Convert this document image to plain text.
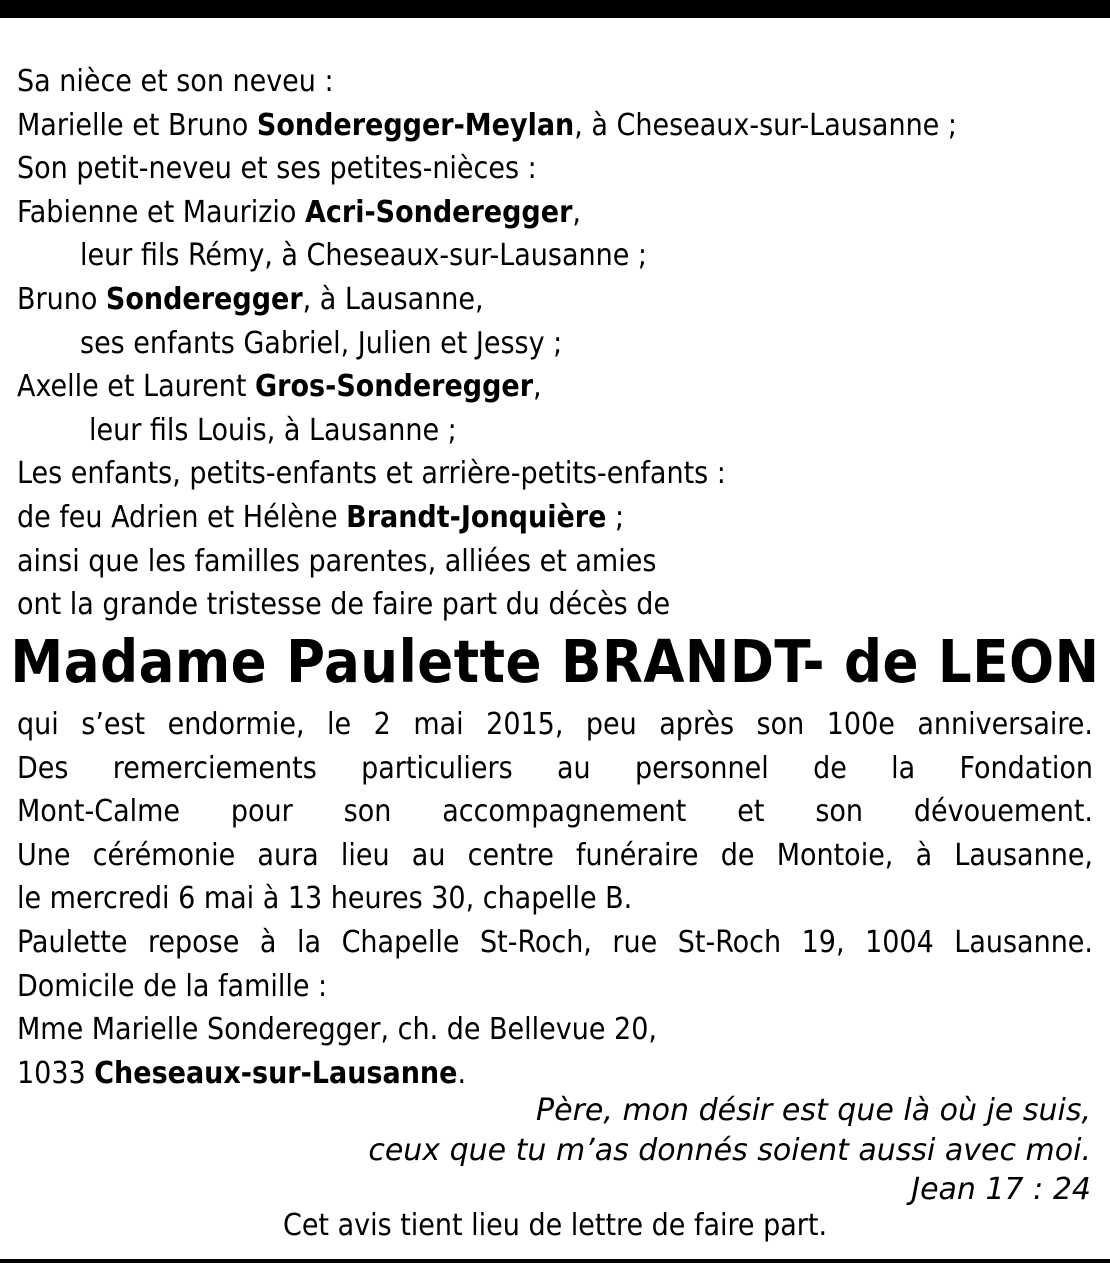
Sa nièce et son neveu :
Marielle et Bruno Sonderegger-Meylan, à Cheseaux-sur-Lausanne ;
Son petit-neveu et ses petites-nièces :
Fabienne et Maurizio Acri-Sonderegger,
leur fils Rémy, à Cheseaux-sur-Lausanne ;
Bruno Sonderegger, à Lausanne,
ses enfants Gabriel, Julien et Jessy ;
Axelle et Laurent Gros-Sonderegger,
leur fils Louis, à Lausanne ;
Les enfants, petits-enfants et arrière-petits-enfants :
de feu Adrien et Hélène Brandt-Jonquière ;
ainsi que les familles parentes, alliées et amies
ont la grande tristesse de faire part du décès de
Madame Paulette BRANDT- de LEON
qui s’est endormie, le 2 mai 2015, peu après son 100e anniversaire.
Des remerciements particuliers au personnel de la Fondation
Mont-Calme pour son accompagnement et son dévouement.
Une cérémonie aura lieu au centre funéraire de Montoie, à Lausanne,
le mercredi 6 mai à 13 heures 30, chapelle B.
Paulette repose à la Chapelle St-Roch, rue St-Roch 19, 1004 Lausanne.
Domicile de la famille :
Mme Marielle Sonderegger, ch. de Bellevue 20,
1033 Cheseaux-sur-Lausanne.
Père, mon désir est que là où je suis,
ceux que tu m’as donnés soient aussi avec moi.
Jean 17 : 24
Cet avis tient lieu de lettre de faire part.
